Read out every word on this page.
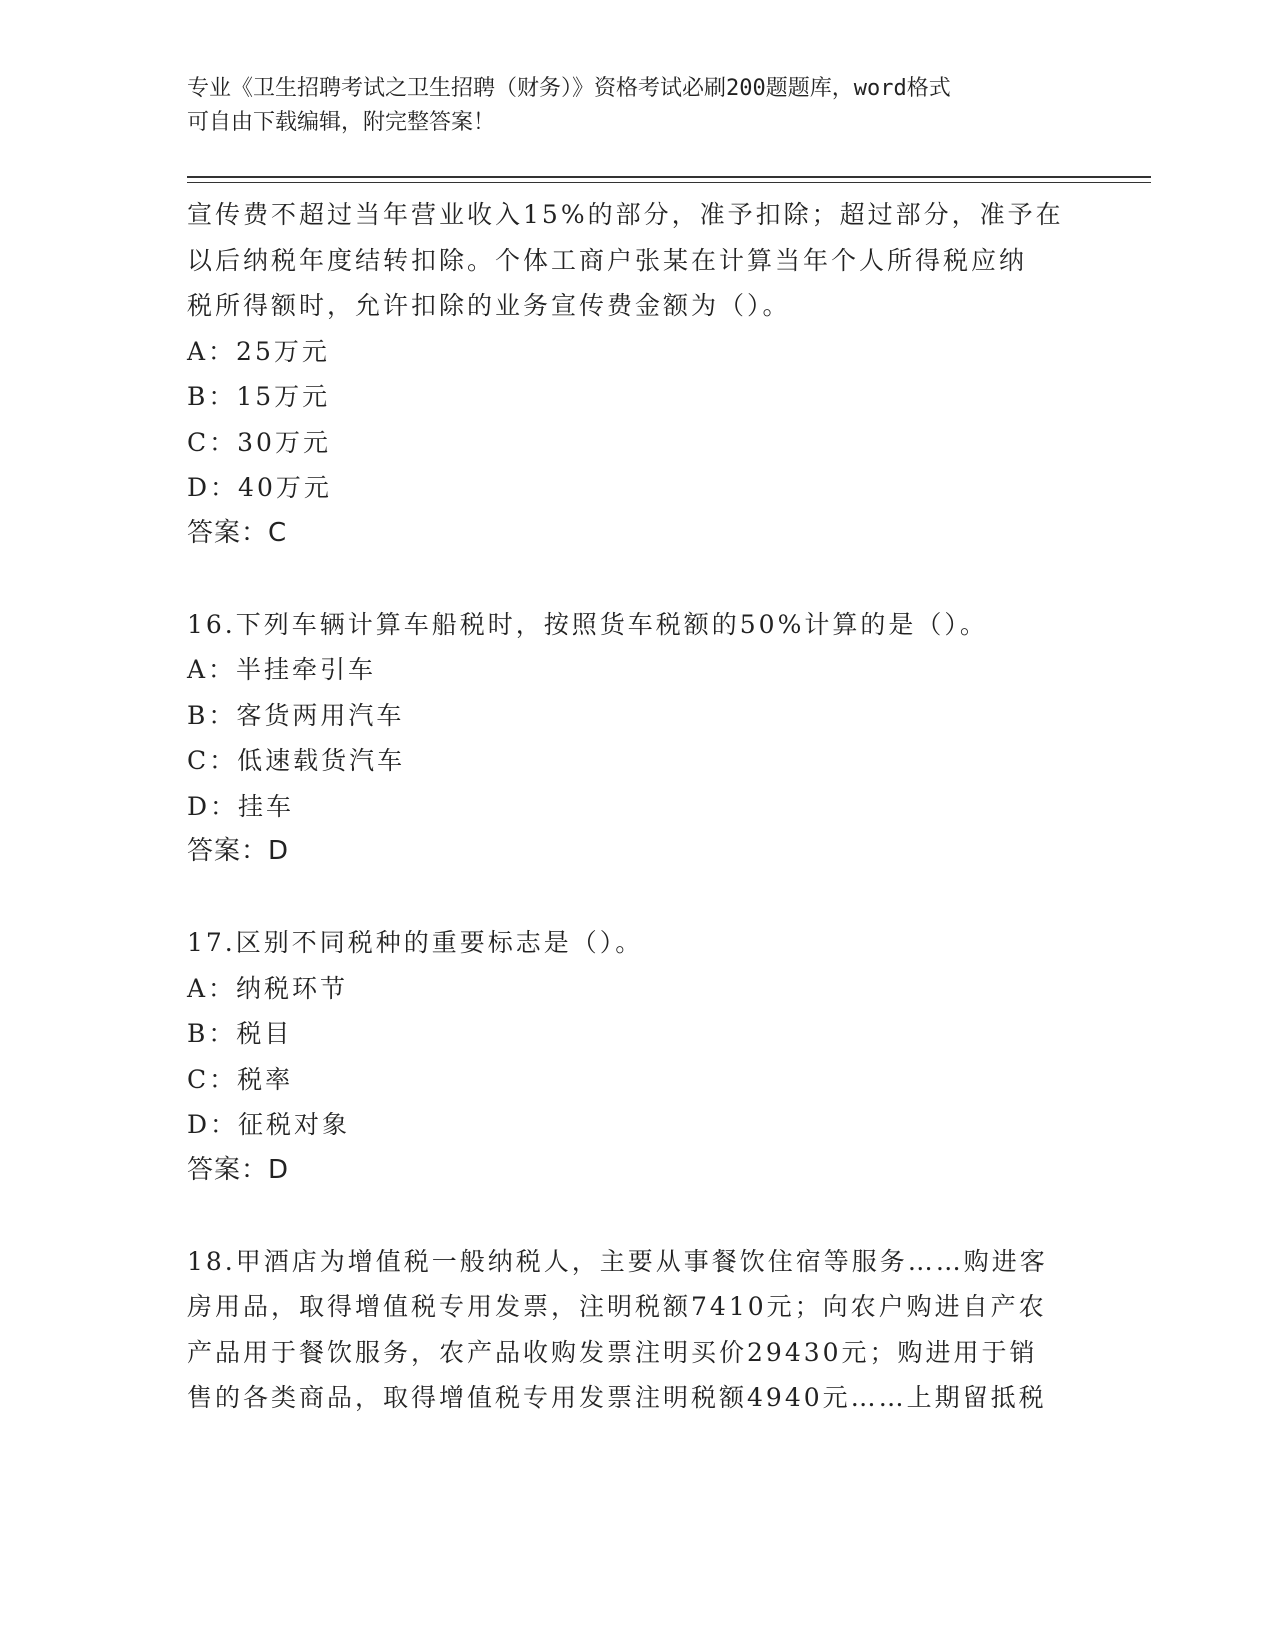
专业《卫生招聘考试之卫生招聘（财务）》资格考试必刷200题题库，word格式
可自由下载编辑，附完整答案！
宣传费不超过当年营业收入15%的部分，准予扣除；超过部分，准予在
以后纳税年度结转扣除。个体工商户张某在计算当年个人所得税应纳
税所得额时，允许扣除的业务宣传费金额为（）。
A：25万元
B：15万元
C：30万元
D：40万元
答案：C
16.下列车辆计算车船税时，按照货车税额的50%计算的是（）。
A：半挂牵引车
B：客货两用汽车
C：低速载货汽车
D：挂车
答案：D
17.区别不同税种的重要标志是（）。
A：纳税环节
B：税目
C：税率
D：征税对象
答案：D
18.甲酒店为增值税一般纳税人，主要从事餐饮住宿等服务……购进客
房用品，取得增值税专用发票，注明税额7410元；向农户购进自产农
产品用于餐饮服务，农产品收购发票注明买价29430元；购进用于销
售的各类商品，取得增值税专用发票注明税额4940元……上期留抵税
